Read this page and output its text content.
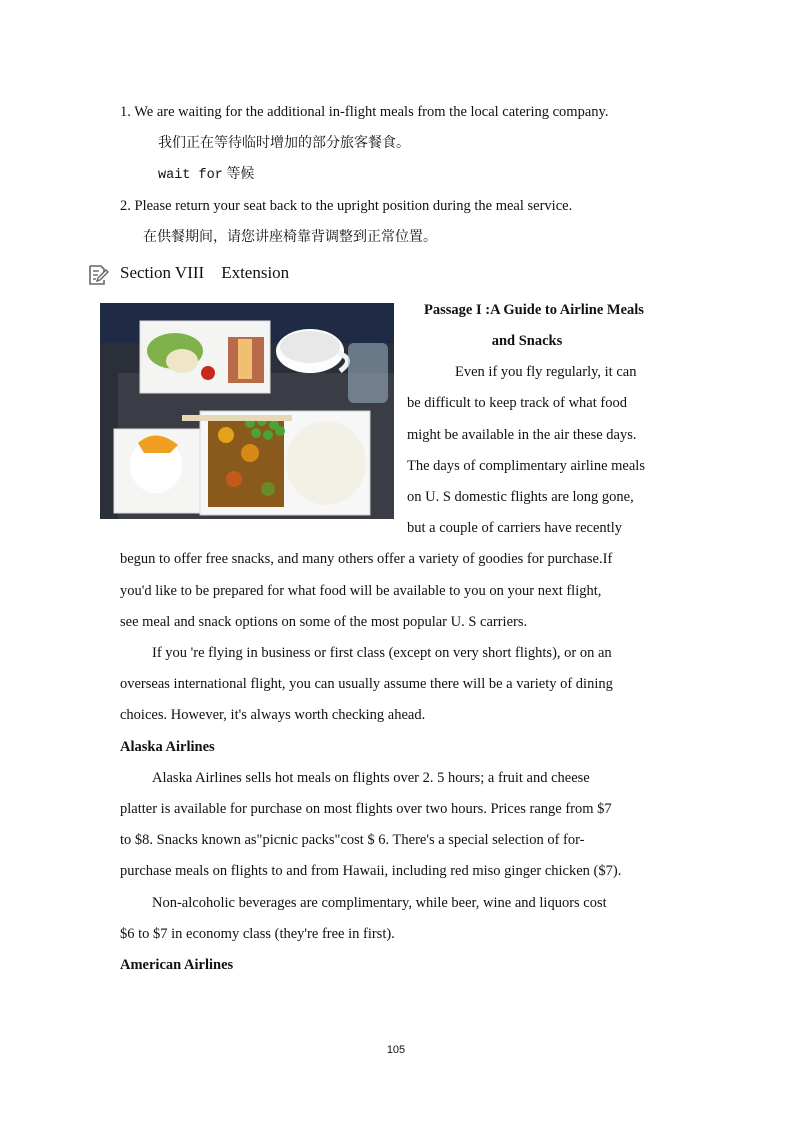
1. We are waiting for the additional in-flight meals from the local catering company.
我们正在等待临时增加的部分旅客餐食。
wait for 等候
2. Please return your seat back to the upright position during the meal service.
在供餐期间，请您讲座椅靠背调整到正常位置。
Section VIII    Extension
Passage I :A Guide to Airline Meals
and Snacks
Even if you fly regularly, it can
be difficult to keep track of what food
might be available in the air these days.
The days of complimentary airline meals
on U. S domestic flights are long gone,
but a couple of carriers have recently
begun to offer free snacks, and many others offer a variety of goodies for purchase.If
you'd like to be prepared for what food will be available to you on your next flight,
see meal and snack options on some of the most popular U. S carriers.
If you 're flying in business or first class (except on very short flights), or on an
overseas international flight, you can usually assume there will be a variety of dining
choices. However, it's always worth checking ahead.
Alaska Airlines
Alaska Airlines sells hot meals on flights over 2. 5 hours; a fruit and cheese
platter is available for purchase on most flights over two hours. Prices range from $7
to $8. Snacks known as"picnic packs"cost $ 6. There's a special selection of for-
purchase meals on flights to and from Hawaii, including red miso ginger chicken ($7).
Non-alcoholic beverages are complimentary, while beer, wine and liquors cost
$6 to $7 in economy class (they're free in first).
American Airlines
105
